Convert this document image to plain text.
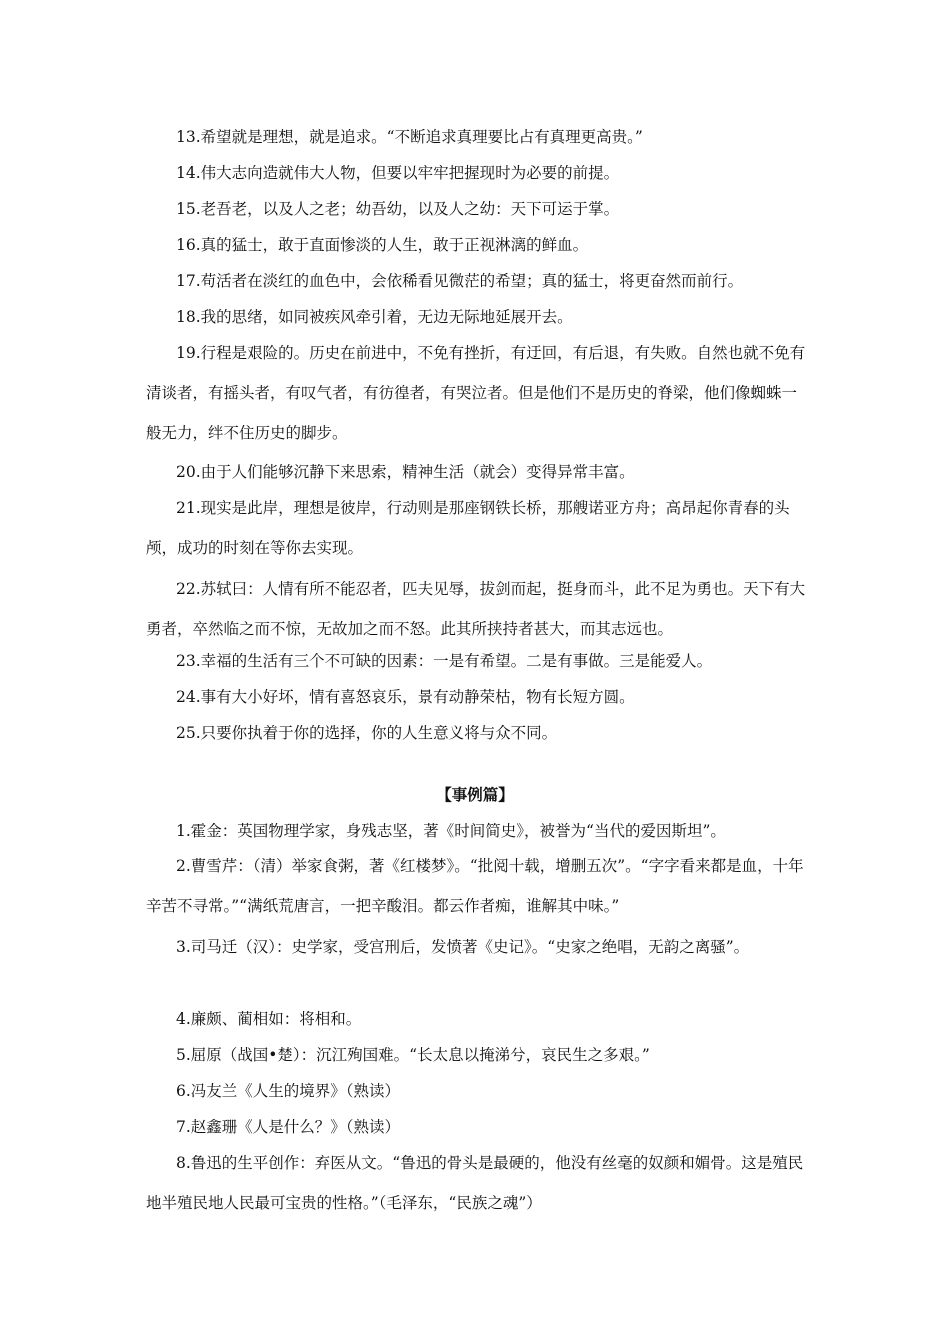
13.希望就是理想，就是追求。“不断追求真理要比占有真理更高贵。”

14.伟大志向造就伟大人物，但要以牢牢把握现时为必要的前提。

15.老吾老，以及人之老；幼吾幼，以及人之幼：天下可运于掌。

16.真的猛士，敢于直面惨淡的人生，敢于正视淋漓的鲜血。

17.苟活者在淡红的血色中，会依稀看见微茫的希望；真的猛士，将更奋然而前行。

18.我的思绪，如同被疾风牵引着，无边无际地延展开去。

19.行程是艰险的。历史在前进中，不免有挫折，有迂回，有后退，有失败。自然也就不免有清谈者，有摇头者，有叹气者，有彷徨者，有哭泣者。但是他们不是历史的脊梁，他们像蜘蛛一般无力，绊不住历史的脚步。

20.由于人们能够沉静下来思索，精神生活（就会）变得异常丰富。

21.现实是此岸，理想是彼岸，行动则是那座钢铁长桥，那艘诺亚方舟；高昂起你青春的头颅，成功的时刻在等你去实现。

22.苏轼曰：人情有所不能忍者，匹夫见辱，拔剑而起，挺身而斗，此不足为勇也。天下有大勇者，卒然临之而不惊，无故加之而不怒。此其所挟持者甚大，而其志远也。

23.幸福的生活有三个不可缺的因素：一是有希望。二是有事做。三是能爱人。

24.事有大小好坏，情有喜怒哀乐，景有动静荣枯，物有长短方圆。

25.只要你执着于你的选择，你的人生意义将与众不同。

【事例篇】

1.霍金：英国物理学家，身残志坚，著《时间简史》，被誉为“当代的爱因斯坦”。

2.曹雪芹：（清）举家食粥，著《红楼梦》。“批阅十载，增删五次”。“字字看来都是血，十年辛苦不寻常。”“满纸荒唐言，一把辛酸泪。都云作者痴，谁解其中味。”

3.司马迁（汉）：史学家，受宫刑后，发愤著《史记》。“史家之绝唱，无韵之离骚”。

4.廉颇、蔺相如：将相和。

5.屈原（战国•楚）：沉江殉国难。“长太息以掩涕兮，哀民生之多艰。”

6.冯友兰《人生的境界》（熟读）

7.赵鑫珊《人是什么？》（熟读）

8.鲁迅的生平创作：弃医从文。“鲁迅的骨头是最硬的，他没有丝毫的奴颜和媚骨。这是殖民地半殖民地人民最可宝贵的性格。”（毛泽东，“民族之魂”）
